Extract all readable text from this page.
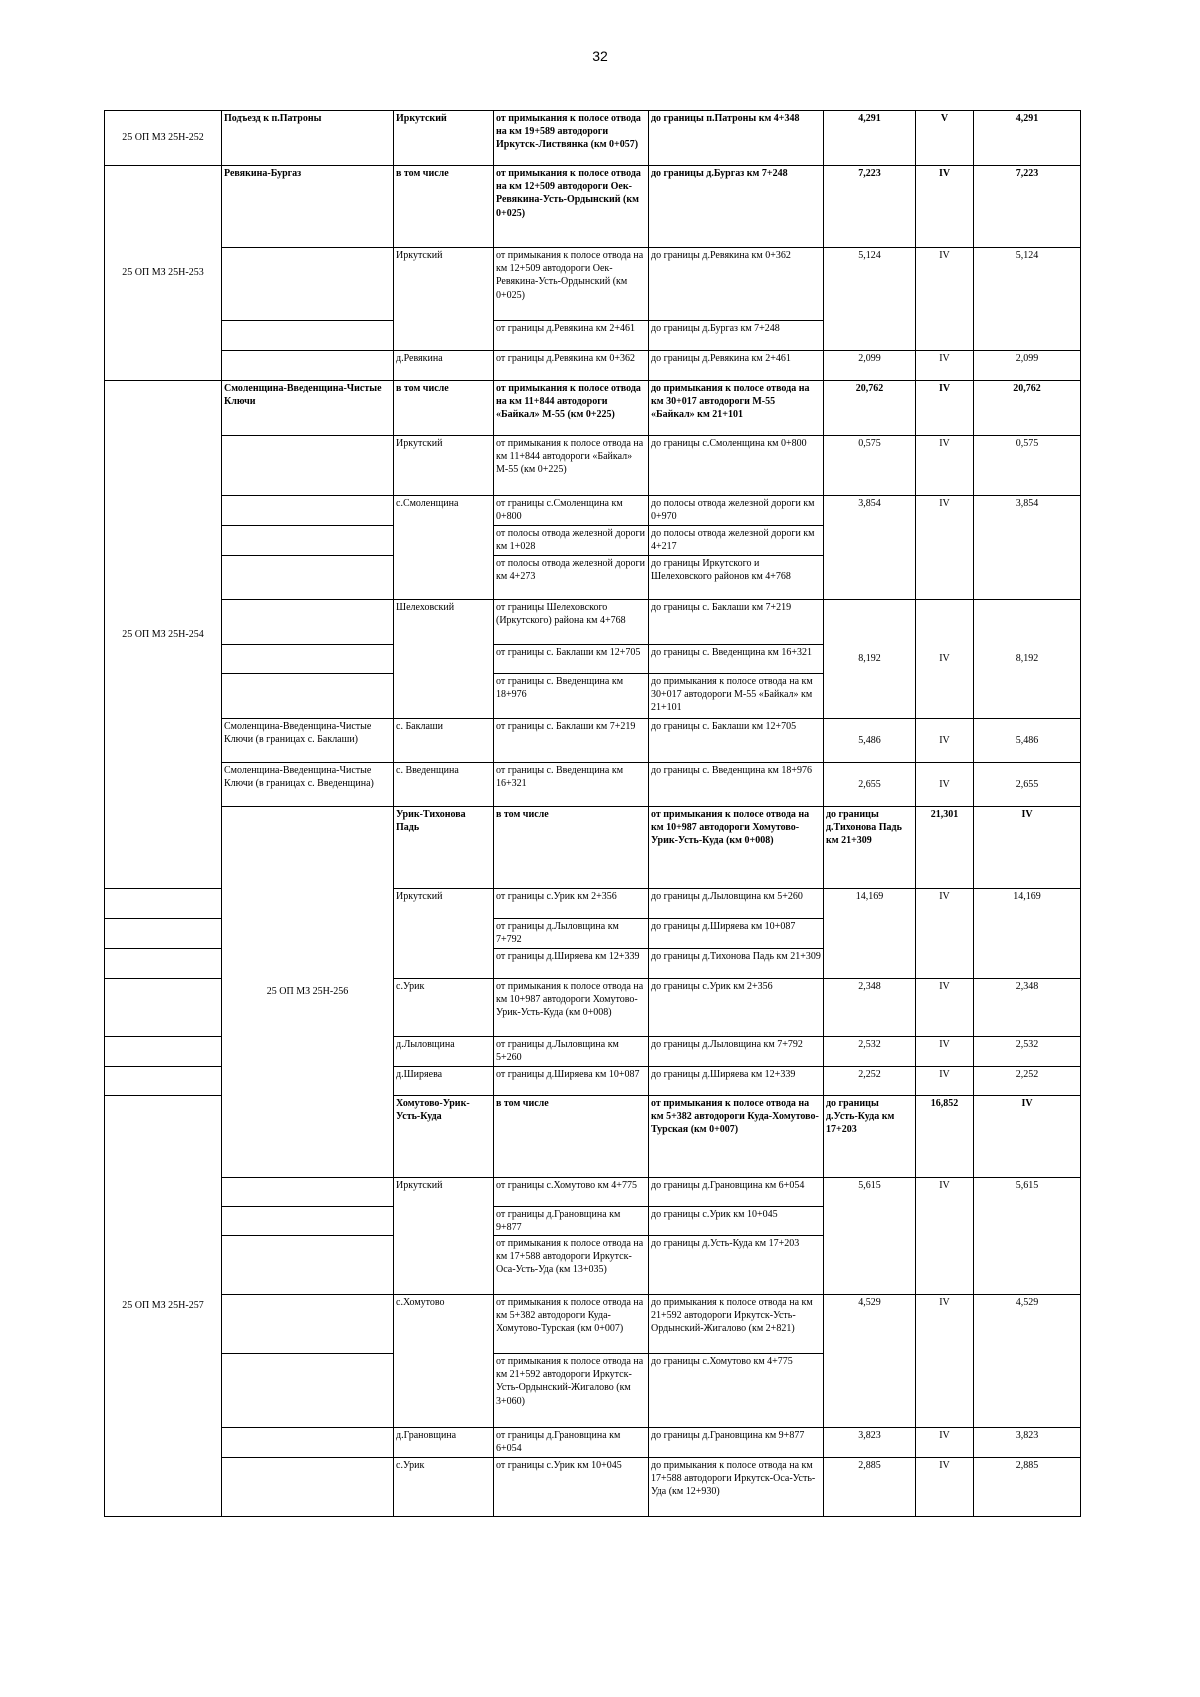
32
25 ОП МЗ 25Н-252	Подъезд к п.Патроны	Иркутский	от примыкания к полосе отвода на км 19+589 автодороги Иркутск-Листвянка (км 0+057)	до границы п.Патроны км 4+348	4,291	V	4,291	
25 ОП МЗ 25Н-253	Ревякина-Бургаз	в том числе	от примыкания к полосе отвода на км 12+509 автодороги Оек-Ревякина-Усть-Ордынский (км 0+025)	до границы д.Бургаз км 7+248	7,223	IV	7,223	
		Иркутский	от примыкания к полосе отвода на км 12+509 автодороги Оек-Ревякина-Усть-Ордынский (км 0+025)	до границы д.Ревякина км 0+362	5,124	IV	5,124	
			от границы д.Ревякина км 2+461	до границы д.Бургаз км 7+248				
		д.Ревякина	от границы д.Ревякина км 0+362	до границы д.Ревякина км 2+461	2,099	IV	2,099	
25 ОП МЗ 25Н-254	Смоленщина-Введенщина-Чистые Ключи	в том числе	от примыкания к полосе отвода на км 11+844 автодороги «Байкал» М-55 (км 0+225)	до примыкания к полосе отвода на км 30+017 автодороги М-55 «Байкал» км 21+101	20,762	IV	20,762	
		Иркутский	от примыкания к полосе отвода на км 11+844 автодороги «Байкал» М-55 (км 0+225)	до границы с.Смоленщина км 0+800	0,575	IV	0,575	
		с.Смоленщина	от границы с.Смоленщина км 0+800	до полосы отвода железной дороги км 0+970	3,854	IV	3,854	
			от полосы отвода железной дороги км 1+028	до полосы отвода железной дороги км 4+217				
			от полосы отвода железной дороги км 4+273	до границы Иркутского и Шелеховского районов км 4+768				
		Шелеховский	от границы Шелеховского (Иркутского) района км 4+768	до границы с. Баклаши км 7+219	8,192	IV	8,192	
			от границы с. Баклаши км 12+705	до границы с. Введенщина км 16+321				
			от границы с. Введенщина км 18+976	до примыкания к полосе отвода на км 30+017 автодороги М-55 «Байкал» км 21+101				
	Смоленщина-Введенщина-Чистые Ключи (в границах с. Баклаши)	с. Баклаши	от границы с. Баклаши км 7+219	до границы с. Баклаши км 12+705	5,486	IV	5,486	
	Смоленщина-Введенщина-Чистые Ключи (в границах с. Введенщина)	с. Введенщина	от границы с. Введенщина км 16+321	до границы с. Введенщина км 18+976	2,655	IV	2,655	
	25 ОП МЗ 25Н-256	Урик-Тихонова Падь	в том числе	от примыкания к полосе отвода на км 10+987 автодороги Хомутово-Урик-Усть-Куда (км 0+008)	до границы д.Тихонова Падь км 21+309	21,301	IV	
		Иркутский	от границы с.Урик км 2+356	до границы д.Лыловщина км 5+260	14,169	IV	14,169	
			от границы д.Лыловщина км 7+792	до границы д.Ширяева км 10+087				
			от границы д.Ширяева км 12+339	до границы д.Тихонова Падь км 21+309				
		с.Урик	от примыкания к полосе отвода на км 10+987 автодороги Хомутово-Урик-Усть-Куда (км 0+008)	до границы с.Урик км 2+356	2,348	IV	2,348	
		д.Лыловщина	от границы д.Лыловщина км 5+260	до границы д.Лыловщина км 7+792	2,532	IV	2,532	
		д.Ширяева	от границы д.Ширяева км 10+087	до границы д.Ширяева км 12+339	2,252	IV	2,252	
25 ОП МЗ 25Н-257		Хомутово-Урик-Усть-Куда	в том числе	от примыкания к полосе отвода на км 5+382 автодороги Куда-Хомутово-Турская (км 0+007)	до границы д.Усть-Куда км 17+203	16,852	IV	
		Иркутский	от границы с.Хомутово км 4+775	до границы д.Грановщина км 6+054	5,615	IV	5,615	
			от границы д.Грановщина км 9+877	до границы с.Урик км 10+045				
			от примыкания к полосе отвода на км 17+588 автодороги Иркутск-Оса-Усть-Уда (км 13+035)	до границы д.Усть-Куда км 17+203				
		с.Хомутово	от примыкания к полосе отвода на км 5+382 автодороги Куда-Хомутово-Турская (км 0+007)	до примыкания к полосе отвода на км 21+592 автодороги Иркутск-Усть-Ордынский-Жигалово (км 2+821)	4,529	IV	4,529	
			от примыкания к полосе отвода на км 21+592 автодороги Иркутск-Усть-Ордынский-Жигалово (км 3+060)	до границы с.Хомутово км 4+775				
		д.Грановщина	от границы д.Грановщина км 6+054	до границы д.Грановщина км 9+877	3,823	IV	3,823	
		с.Урик	от границы с.Урик км 10+045	до примыкания к полосе отвода на км 17+588 автодороги Иркутск-Оса-Усть-Уда (км 12+930)	2,885	IV	2,885	
